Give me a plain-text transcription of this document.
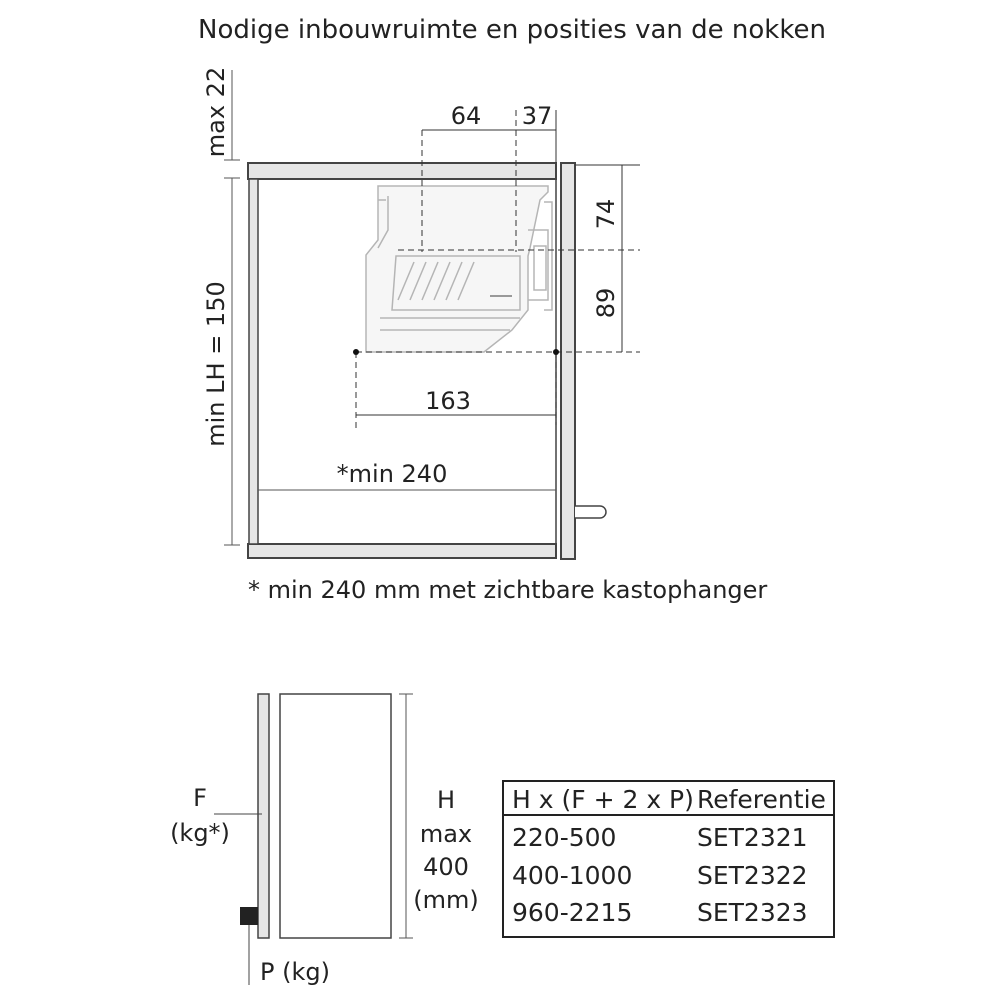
Nodige inbouwruimte en posities van de nokken
max 22
min LH = 150
64 37
74
89
163
*min 240
* min 240 mm met zichtbare kastophanger
F
(kg*)
H
max
400
(mm)
P (kg)
H x (F + 2 x P) Referentie
220-500	SET2321
400-1000	SET2322
960-2215	SET2323
